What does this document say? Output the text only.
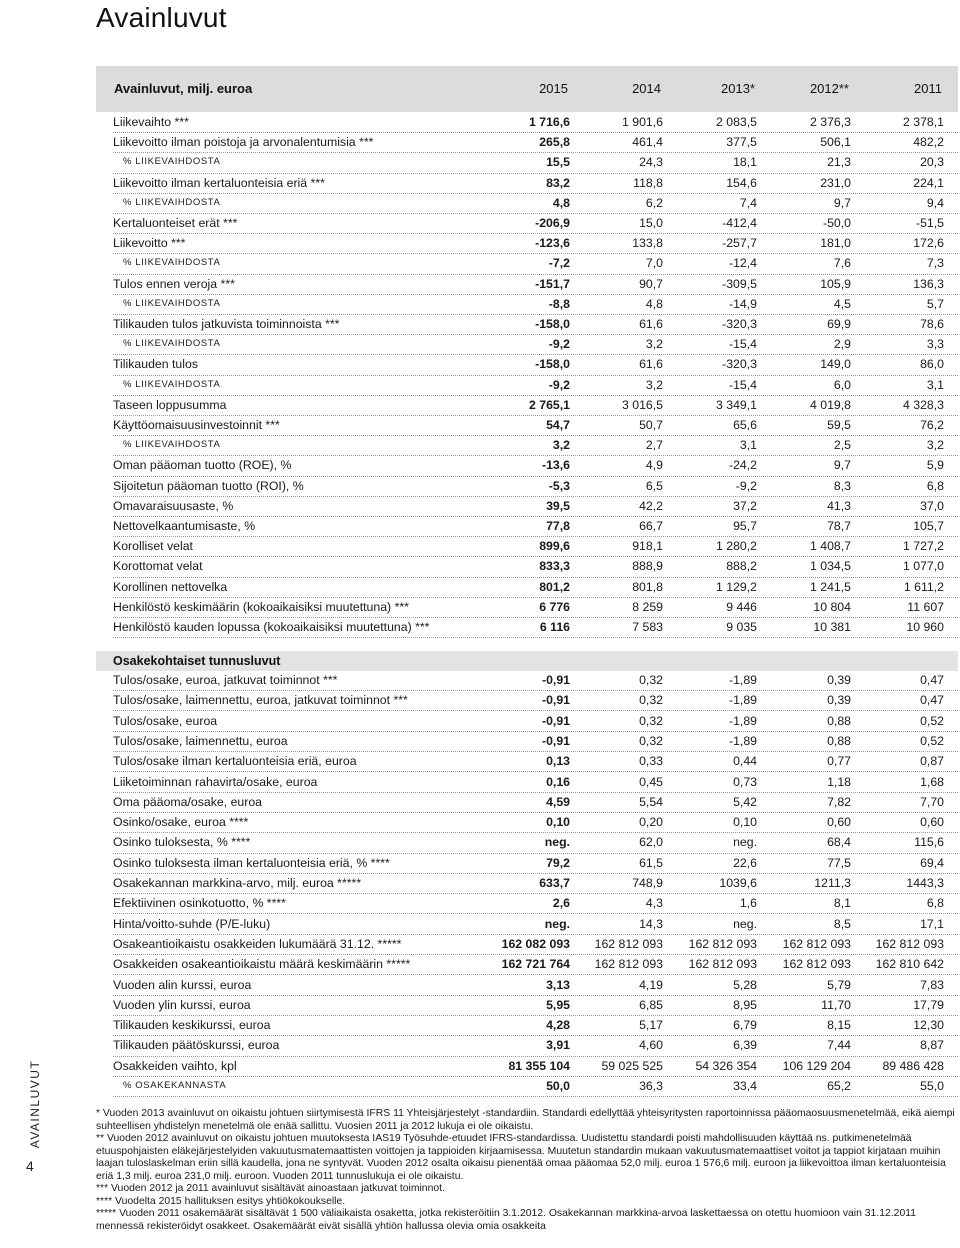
Avainluvut
Avainluvut, milj. euroa	2015	2014	2013*	2012**	2011
Liikevaihto ***	1 716,6	1 901,6	2 083,5	2 376,3	2 378,1
Liikevoitto ilman poistoja ja arvonalentumisia ***	265,8	461,4	377,5	506,1	482,2
% LIIKEVAIHDOSTA	15,5	24,3	18,1	21,3	20,3
Liikevoitto ilman kertaluonteisia eriä ***	83,2	118,8	154,6	231,0	224,1
% LIIKEVAIHDOSTA	4,8	6,2	7,4	9,7	9,4
Kertaluonteiset erät ***	-206,9	15,0	-412,4	-50,0	-51,5
Liikevoitto ***	-123,6	133,8	-257,7	181,0	172,6
% LIIKEVAIHDOSTA	-7,2	7,0	-12,4	7,6	7,3
Tulos ennen veroja ***	-151,7	90,7	-309,5	105,9	136,3
% LIIKEVAIHDOSTA	-8,8	4,8	-14,9	4,5	5,7
Tilikauden tulos jatkuvista toiminnoista ***	-158,0	61,6	-320,3	69,9	78,6
% LIIKEVAIHDOSTA	-9,2	3,2	-15,4	2,9	3,3
Tilikauden tulos	-158,0	61,6	-320,3	149,0	86,0
% LIIKEVAIHDOSTA	-9,2	3,2	-15,4	6,0	3,1
Taseen loppusumma	2 765,1	3 016,5	3 349,1	4 019,8	4 328,3
Käyttöomaisuusinvestoinnit ***	54,7	50,7	65,6	59,5	76,2
% LIIKEVAIHDOSTA	3,2	2,7	3,1	2,5	3,2
Oman pääoman tuotto (ROE), %	-13,6	4,9	-24,2	9,7	5,9
Sijoitetun pääoman tuotto (ROI), %	-5,3	6,5	-9,2	8,3	6,8
Omavaraisuusaste, %	39,5	42,2	37,2	41,3	37,0
Nettovelkaantumisaste, %	77,8	66,7	95,7	78,7	105,7
Korolliset velat	899,6	918,1	1 280,2	1 408,7	1 727,2
Korottomat velat	833,3	888,9	888,2	1 034,5	1 077,0
Korollinen nettovelka	801,2	801,8	1 129,2	1 241,5	1 611,2
Henkilöstö keskimäärin (kokoaikaisiksi muutettuna) ***	6 776	8 259	9 446	10 804	11 607
Henkilöstö kauden lopussa (kokoaikaisiksi muutettuna) ***	6 116	7 583	9 035	10 381	10 960
Osakekohtaiset tunnusluvut
Tulos/osake, euroa, jatkuvat toiminnot ***	-0,91	0,32	-1,89	0,39	0,47
Tulos/osake, laimennettu, euroa, jatkuvat toiminnot ***	-0,91	0,32	-1,89	0,39	0,47
Tulos/osake, euroa	-0,91	0,32	-1,89	0,88	0,52
Tulos/osake, laimennettu, euroa	-0,91	0,32	-1,89	0,88	0,52
Tulos/osake ilman kertaluonteisia eriä, euroa	0,13	0,33	0,44	0,77	0,87
Liiketoiminnan rahavirta/osake, euroa	0,16	0,45	0,73	1,18	1,68
Oma pääoma/osake, euroa	4,59	5,54	5,42	7,82	7,70
Osinko/osake, euroa ****	0,10	0,20	0,10	0,60	0,60
Osinko tuloksesta, % ****	neg.	62,0	neg.	68,4	115,6
Osinko tuloksesta ilman kertaluonteisia eriä, % ****	79,2	61,5	22,6	77,5	69,4
Osakekannan markkina-arvo, milj. euroa *****	633,7	748,9	1039,6	1211,3	1443,3
Efektiivinen osinkotuotto, % ****	2,6	4,3	1,6	8,1	6,8
Hinta/voitto-suhde (P/E-luku)	neg.	14,3	neg.	8,5	17,1
Osakeantioikaistu osakkeiden lukumäärä 31.12. *****	162 082 093	162 812 093	162 812 093	162 812 093	162 812 093
Osakkeiden osakeantioikaistu määrä keskimäärin *****	162 721 764	162 812 093	162 812 093	162 812 093	162 810 642
Vuoden alin kurssi, euroa	3,13	4,19	5,28	5,79	7,83
Vuoden ylin kurssi, euroa	5,95	6,85	8,95	11,70	17,79
Tilikauden keskikurssi, euroa	4,28	5,17	6,79	8,15	12,30
Tilikauden päätöskurssi, euroa	3,91	4,60	6,39	7,44	8,87
Osakkeiden vaihto, kpl	81 355 104	59 025 525	54 326 354	106 129 204	89 486 428
% OSAKEKANNASTA	50,0	36,3	33,4	65,2	55,0
AVAINLUVUT
4

* Vuoden 2013 avainluvut on oikaistu johtuen siirtymisestä IFRS 11 Yhteisjärjestelyt -standardiin. Standardi edellyttää yhteisyritysten raportoinnissa pääomaosuusmenetelmää, eikä aiempi suhteellisen yhdistelyn menetelmä ole enää sallittu. Vuosien 2011 ja 2012 lukuja ei ole oikaistu.

** Vuoden 2012 avainluvut on oikaistu johtuen muutoksesta IAS19 Työsuhde-etuudet IFRS-standardissa. Uudistettu standardi poisti mahdollisuuden käyttää ns. putkimenetelmää etuuspohjaisten eläkejärjestelyiden vakuutusmatemaattisten voittojen ja tappioiden kirjaamisessa. Muutetun standardin mukaan vakuutusmatemaattiset voitot ja tappiot kirjataan muihin laajan tuloslaskelman eriin sillä kaudella, jona ne syntyvät. Vuoden 2012 osalta oikaisu pienentää omaa pääomaa 52,0 milj. euroa 1 576,6 milj. euroon ja liikevoittoa ilman kertaluonteisia eriä 1,3 milj. euroa 231,0 milj. euroon. Vuoden 2011 tunnuslukuja ei ole oikaistu.

*** Vuoden 2012 ja 2011 avainluvut sisältävät ainoastaan jatkuvat toiminnot.

**** Vuodelta 2015 hallituksen esitys yhtiökokoukselle.

***** Vuoden 2011 osakemäärät sisältävät 1 500 väliaikaista osaketta, jotka rekisteröitiin 3.1.2012. Osakekannan markkina-arvoa laskettaessa on otettu huomioon vain 31.12.2011 mennessä rekisteröidyt osakkeet. Osakemäärät eivät sisällä yhtiön hallussa olevia omia osakkeita
